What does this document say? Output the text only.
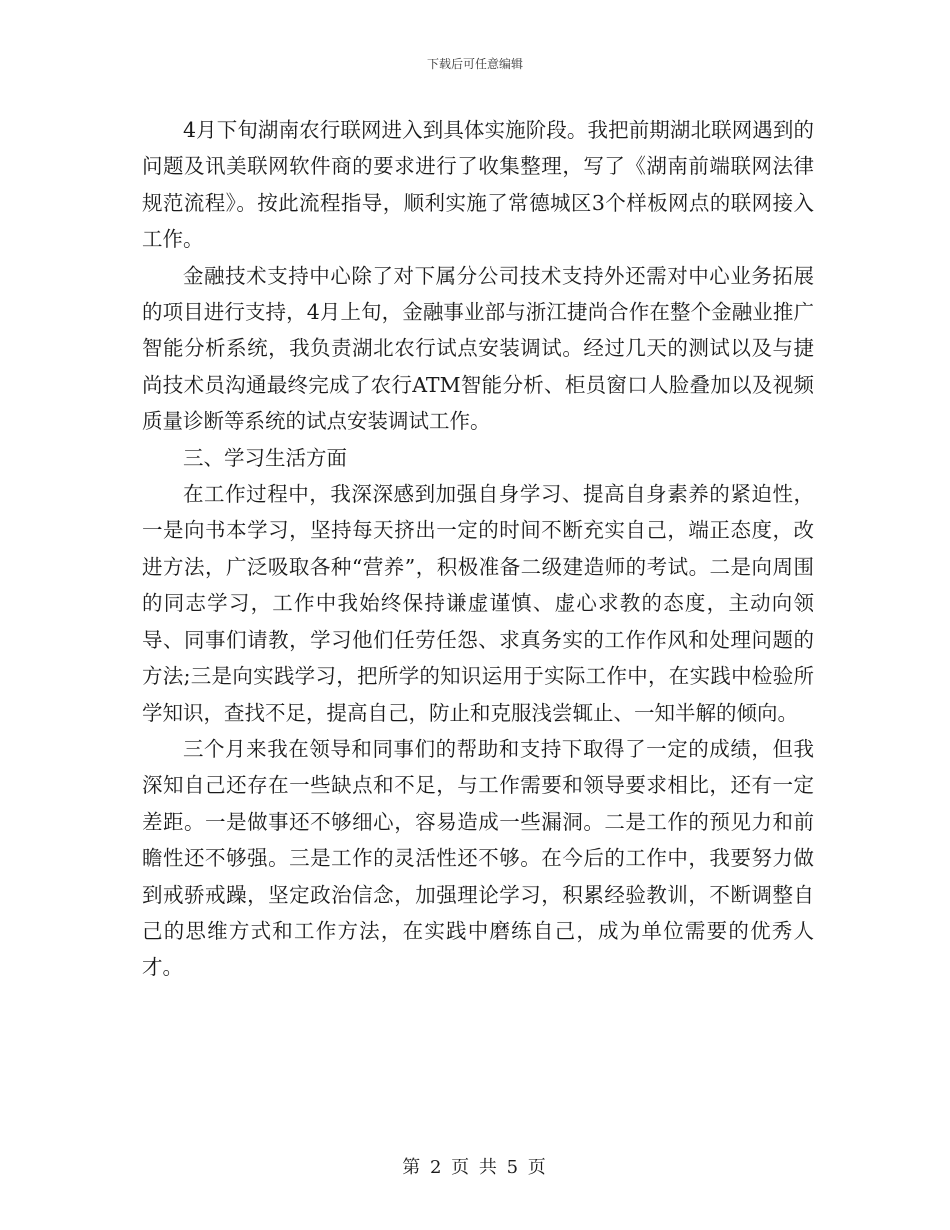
下载后可任意编辑

4月下旬湖南农行联网进入到具体实施阶段。我把前期湖北联网遇到的问题及讯美联网软件商的要求进行了收集整理，写了《湖南前端联网法律规范流程》。按此流程指导，顺利实施了常德城区3个样板网点的联网接入工作。

金融技术支持中心除了对下属分公司技术支持外还需对中心业务拓展的项目进行支持，4月上旬，金融事业部与浙江捷尚合作在整个金融业推广智能分析系统，我负责湖北农行试点安装调试。经过几天的测试以及与捷尚技术员沟通最终完成了农行ATM智能分析、柜员窗口人脸叠加以及视频质量诊断等系统的试点安装调试工作。

三、学习生活方面

在工作过程中，我深深感到加强自身学习、提高自身素养的紧迫性，一是向书本学习，坚持每天挤出一定的时间不断充实自己，端正态度，改进方法，广泛吸取各种“营养”，积极准备二级建造师的考试。二是向周围的同志学习，工作中我始终保持谦虚谨慎、虚心求教的态度，主动向领导、同事们请教，学习他们任劳任怨、求真务实的工作作风和处理问题的方法;三是向实践学习，把所学的知识运用于实际工作中，在实践中检验所学知识，查找不足，提高自己，防止和克服浅尝辄止、一知半解的倾向。

三个月来我在领导和同事们的帮助和支持下取得了一定的成绩，但我深知自己还存在一些缺点和不足，与工作需要和领导要求相比，还有一定差距。一是做事还不够细心，容易造成一些漏洞。二是工作的预见力和前瞻性还不够强。三是工作的灵活性还不够。在今后的工作中，我要努力做到戒骄戒躁，坚定政治信念，加强理论学习，积累经验教训，不断调整自己的思维方式和工作方法，在实践中磨练自己，成为单位需要的优秀人才。

第 2 页 共 5 页
